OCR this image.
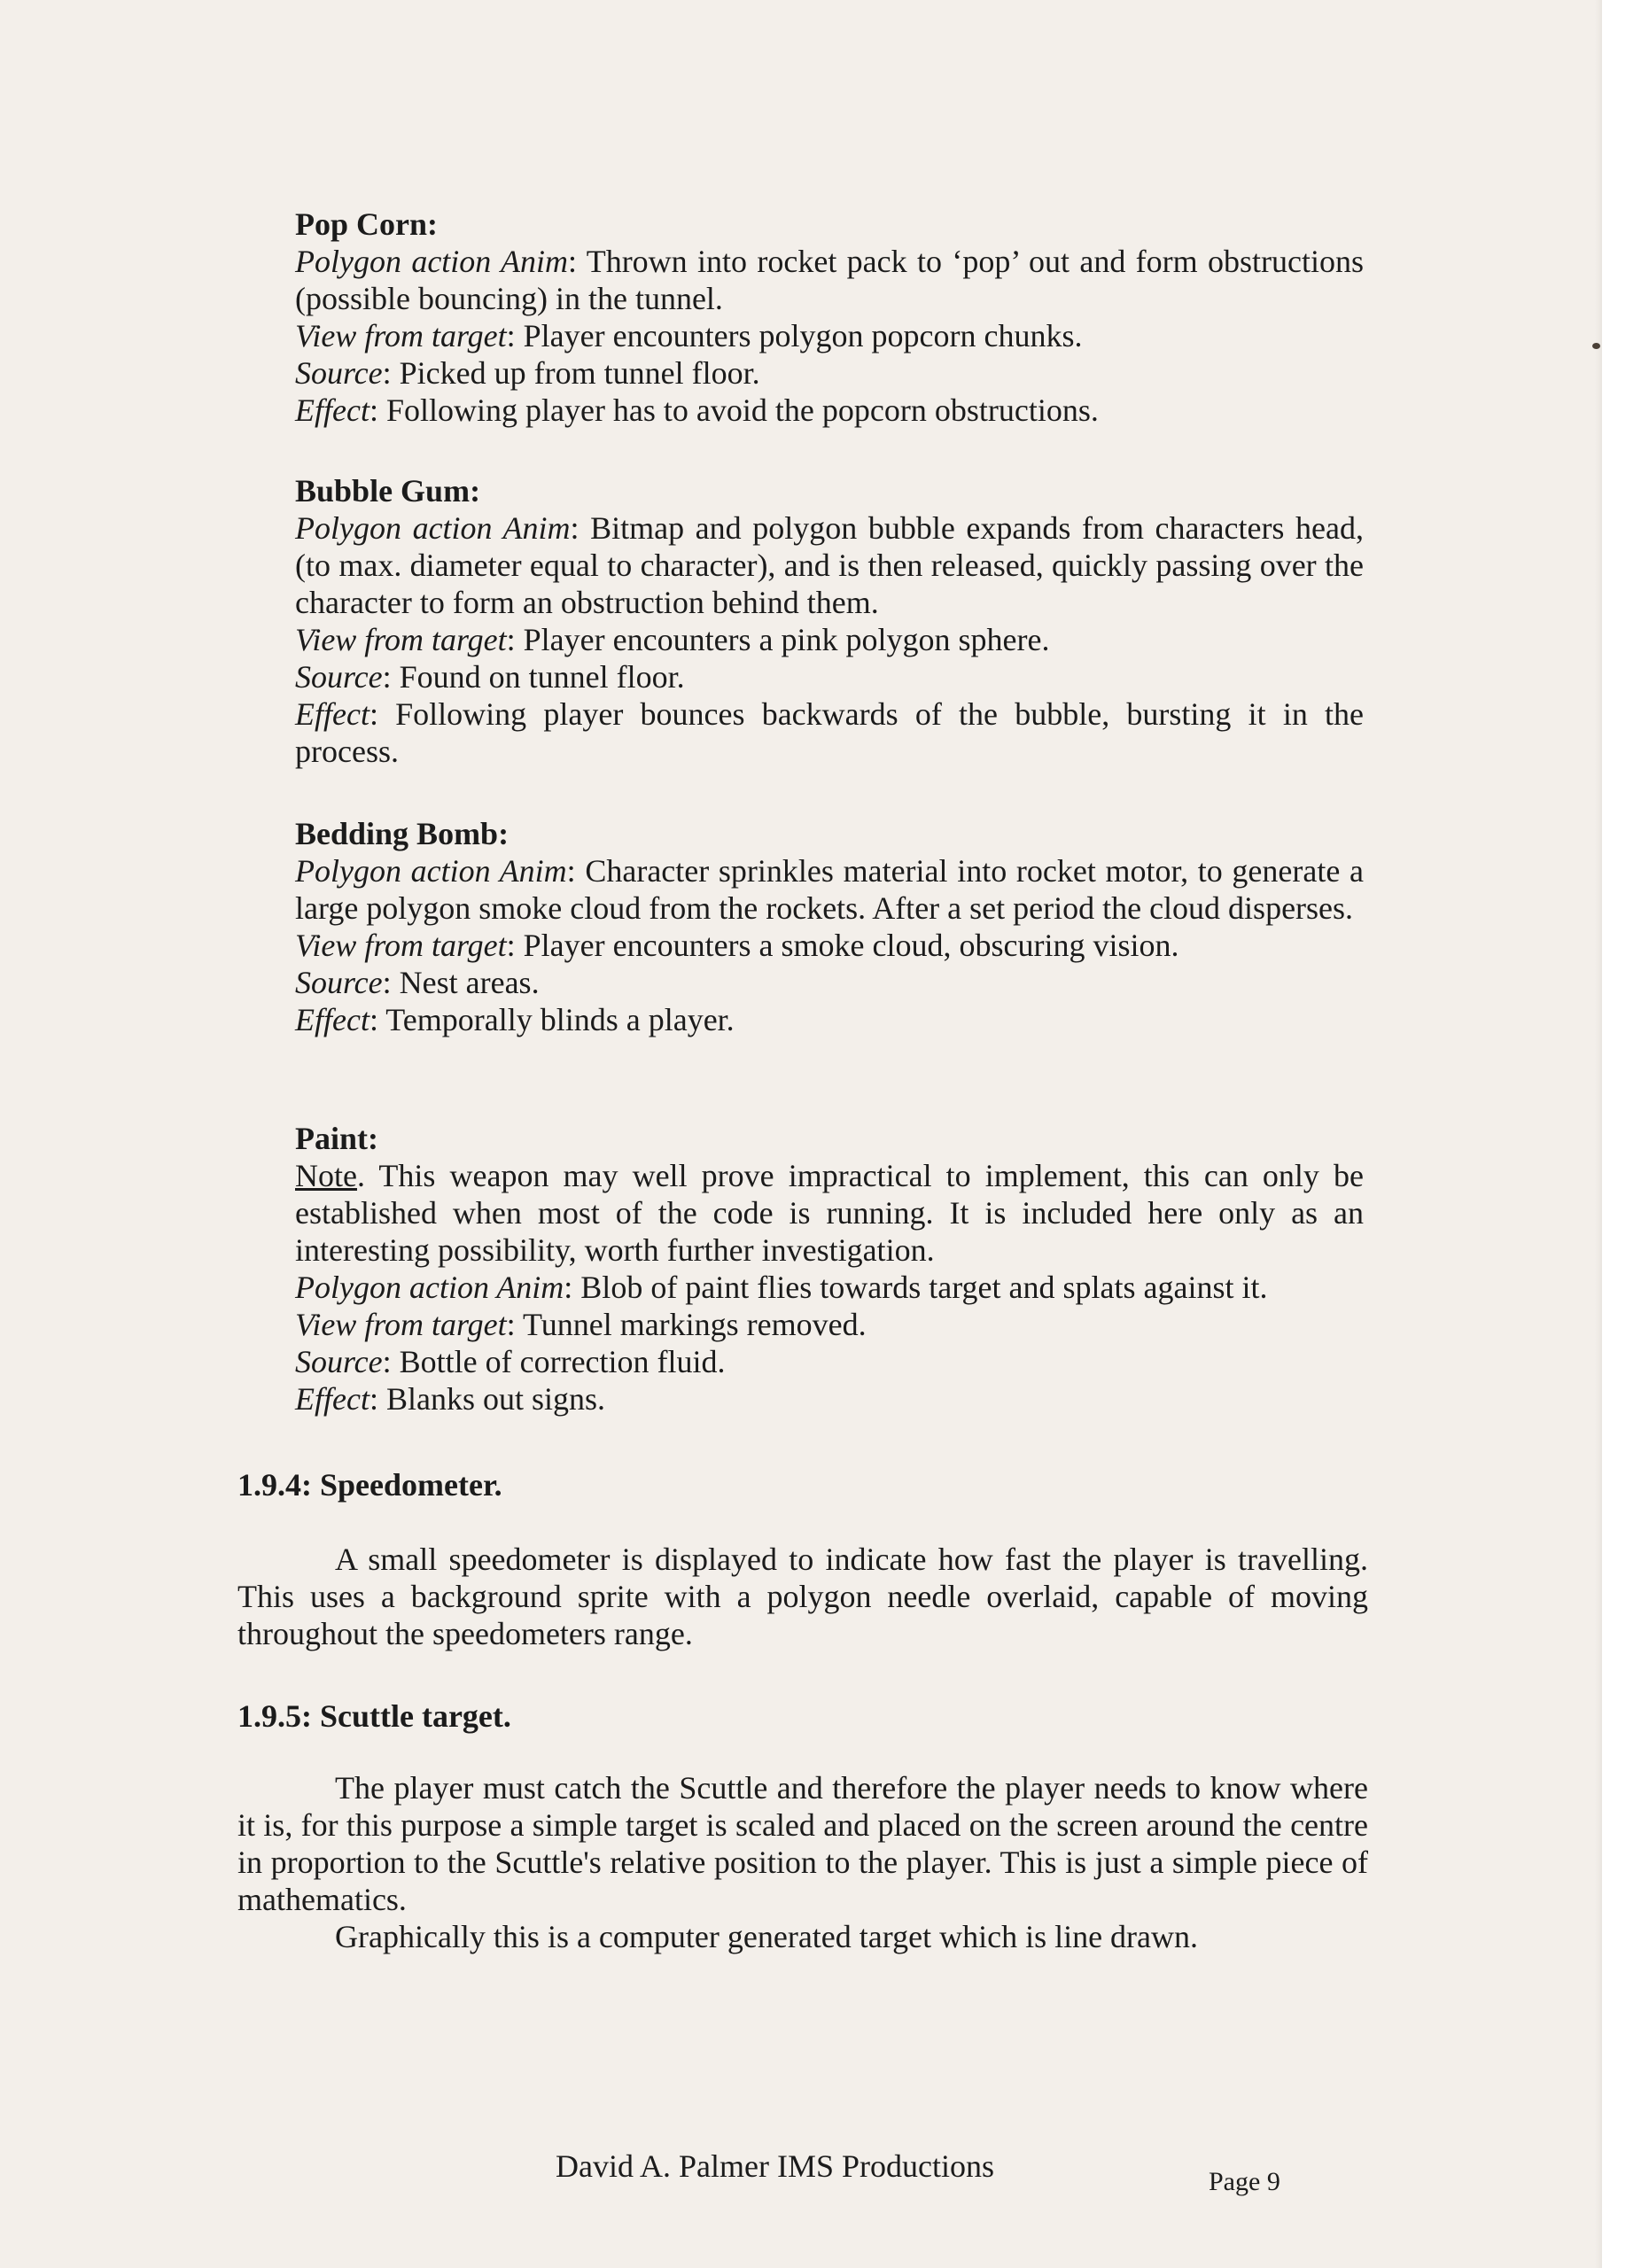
Pop Corn:

Polygon action Anim: Thrown into rocket pack to ‘pop’ out and form obstructions (possible bouncing) in the tunnel.

View from target: Player encounters polygon popcorn chunks.

Source: Picked up from tunnel floor.

Effect: Following player has to avoid the popcorn obstructions.

Bubble Gum:

Polygon action Anim: Bitmap and polygon bubble expands from characters head, (to max. diameter equal to character), and is then released, quickly passing over the character to form an obstruction behind them.

View from target: Player encounters a pink polygon sphere.

Source: Found on tunnel floor.

Effect: Following player bounces backwards of the bubble, bursting it in the process.

Bedding Bomb:

Polygon action Anim: Character sprinkles material into rocket motor, to generate a large polygon smoke cloud from the rockets. After a set period the cloud disperses.

View from target: Player encounters a smoke cloud, obscuring vision.

Source: Nest areas.

Effect: Temporally blinds a player.

Paint:

Note. This weapon may well prove impractical to implement, this can only be established when most of the code is running. It is included here only as an interesting possibility, worth further investigation.

Polygon action Anim: Blob of paint flies towards target and splats against it.

View from target: Tunnel markings removed.

Source: Bottle of correction fluid.

Effect: Blanks out signs.

1.9.4: Speedometer.

A small speedometer is displayed to indicate how fast the player is travelling. This uses a background sprite with a polygon needle overlaid, capable of moving throughout the speedometers range.

1.9.5: Scuttle target.

The player must catch the Scuttle and therefore the player needs to know where it is, for this purpose a simple target is scaled and placed on the screen around the centre in proportion to the Scuttle's relative position to the player. This is just a simple piece of mathematics.

Graphically this is a computer generated target which is line drawn.

David A. Palmer IMS Productions	Page 9
